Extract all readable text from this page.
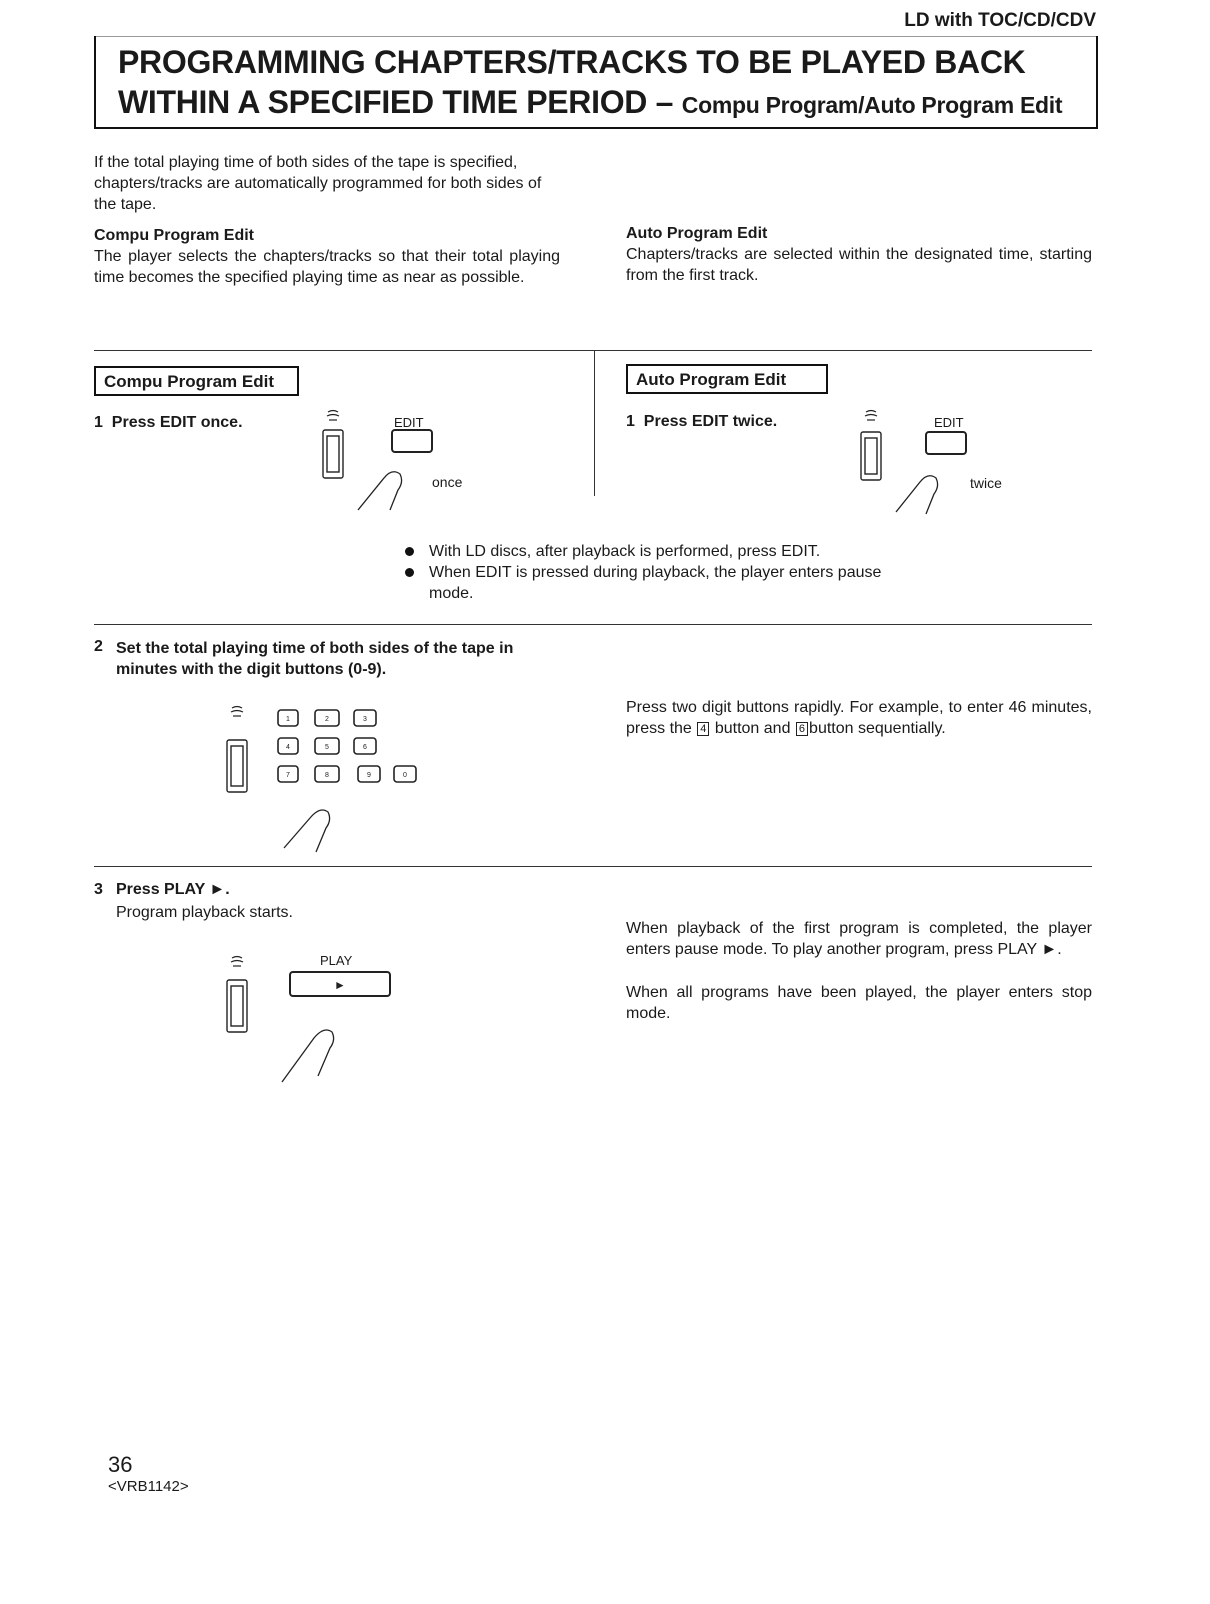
LD with TOC/CD/CDV
PROGRAMMING CHAPTERS/TRACKS TO BE PLAYED BACK
WITHIN A SPECIFIED TIME PERIOD – Compu Program/Auto Program Edit
If the total playing time of both sides of the tape is specified, chapters/tracks are automatically programmed for both sides of the tape.
Compu Program Edit
The player selects the chapters/tracks so that their total playing time becomes the specified playing time as near as possible.
Auto Program Edit
Chapters/tracks are selected within the designated time, starting from the first track.
Compu Program Edit
1 Press EDIT once.	EDIT
once
Auto Program Edit
1 Press EDIT twice.	EDIT
twice
With LD discs, after playback is performed, press EDIT.
When EDIT is pressed during playback, the player enters pause mode.
2 Set the total playing time of both sides of the tape in minutes with the digit buttons (0-9).
1	2	3
4	5	6
7	8	9	0
Press two digit buttons rapidly. For example, to enter 46 minutes, press the 4 button and 6 button sequentially.
3 Press PLAY ►.
Program playback starts.
PLAY
►
When playback of the first program is completed, the player enters pause mode. To play another program, press PLAY ►.
When all programs have been played, the player enters stop mode.
36
<VRB1142>
